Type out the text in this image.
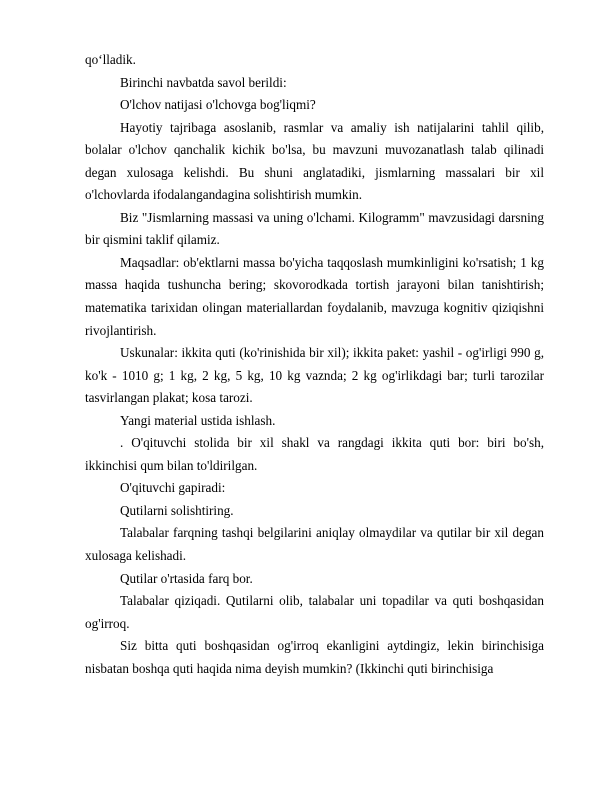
qo‘lladik.

Birinchi navbatda savol berildi:

O'lchov natijasi o'lchovga bog'liqmi?

Hayotiy tajribaga asoslanib, rasmlar va amaliy ish natijalarini tahlil qilib, bolalar o'lchov qanchalik kichik bo'lsa, bu mavzuni muvozanatlash talab qilinadi degan xulosaga kelishdi. Bu shuni anglatadiki, jismlarning massalari bir xil o'lchovlarda ifodalangandagina solishtirish mumkin.

Biz "Jismlarning massasi va uning o'lchami. Kilogramm" mavzusidagi darsning bir qismini taklif qilamiz.

Maqsadlar: ob'ektlarni massa bo'yicha taqqoslash mumkinligini ko'rsatish; 1 kg massa haqida tushuncha bering; skovorodkada tortish jarayoni bilan tanishtirish; matematika tarixidan olingan materiallardan foydalanib, mavzuga kognitiv qiziqishni rivojlantirish.

Uskunalar: ikkita quti (ko'rinishida bir xil); ikkita paket: yashil - og'irligi 990 g, ko'k - 1010 g; 1 kg, 2 kg, 5 kg, 10 kg vaznda; 2 kg og'irlikdagi bar; turli tarozilar tasvirlangan plakat; kosa tarozi.

Yangi material ustida ishlash.

. O'qituvchi stolida bir xil shakl va rangdagi ikkita quti bor: biri bo'sh, ikkinchisi qum bilan to'ldirilgan.

O'qituvchi gapiradi:

Qutilarni solishtiring.

Talabalar farqning tashqi belgilarini aniqlay olmaydilar va qutilar bir xil degan xulosaga kelishadi.

Qutilar o'rtasida farq bor.

Talabalar qiziqadi. Qutilarni olib, talabalar uni topadilar va quti boshqasidan og'irroq.

Siz bitta quti boshqasidan og'irroq ekanligini aytdingiz, lekin birinchisiga nisbatan boshqa quti haqida nima deyish mumkin? (Ikkinchi quti birinchisiga
